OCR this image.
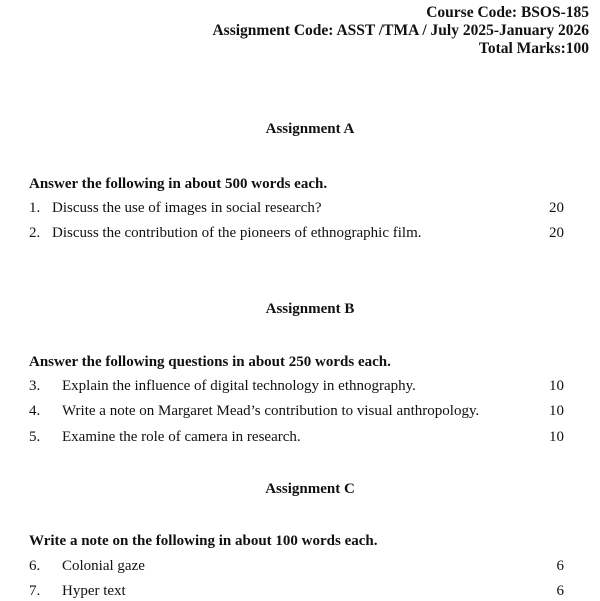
Course Code: BSOS-185
Assignment Code: ASST /TMA / July 2025-January 2026
Total Marks:100
Assignment A
Answer the following in about 500 words each.
1. Discuss the use of images in social research?	20
2. Discuss the contribution of the pioneers of ethnographic film.	20
Assignment B
Answer the following questions in about 250 words each.
3. Explain the influence of digital technology in ethnography.	10
4. Write a note on Margaret Mead’s contribution to visual anthropology.	10
5. Examine the role of camera in research.	10
Assignment C
Write a note on the following in about 100 words each.
6. Colonial gaze	6
7. Hyper text	6
